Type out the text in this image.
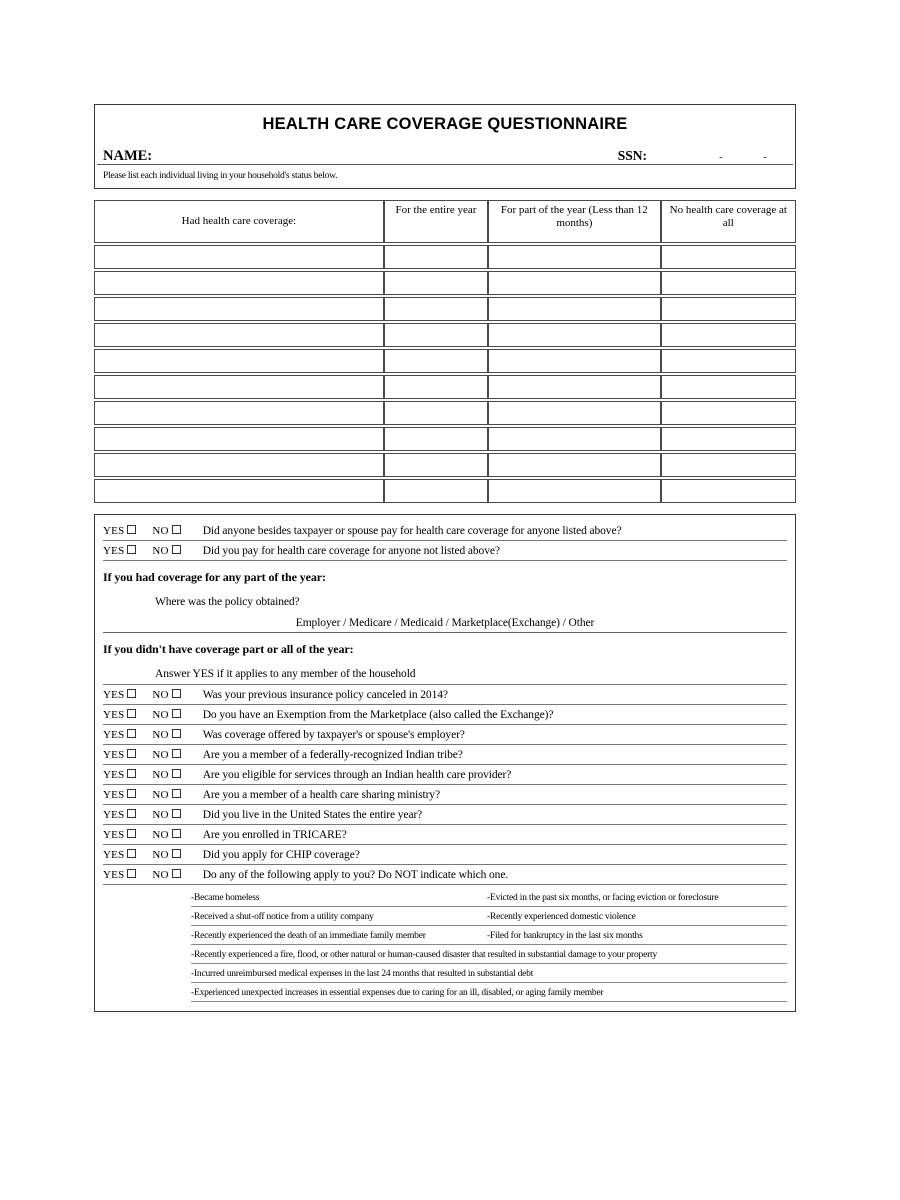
HEALTH CARE COVERAGE QUESTIONNAIRE
NAME:	SSN:	-	-
Please list each individual living in your household's status below.
Had health care coverage:	For the entire year	For part of the year (Less than 12 months)	No health care coverage at all

YES	NO	Did anyone besides taxpayer or spouse pay for health care coverage for anyone listed above?
YES	NO	Did you pay for health care coverage for anyone not listed above?
If you had coverage for any part of the year:
Where was the policy obtained?
Employer / Medicare / Medicaid / Marketplace(Exchange) / Other
If you didn't have coverage part or all of the year:
Answer YES if it applies to any member of the household
YES	NO	Was your previous insurance policy canceled in 2014?
YES	NO	Do you have an Exemption from the Marketplace (also called the Exchange)?
YES	NO	Was coverage offered by taxpayer's or spouse's employer?
YES	NO	Are you a member of a federally-recognized Indian tribe?
YES	NO	Are you eligible for services through an Indian health care provider?
YES	NO	Are you a member of a health care sharing ministry?
YES	NO	Did you live in the United States the entire year?
YES	NO	Are you enrolled in TRICARE?
YES	NO	Did you apply for CHIP coverage?
YES	NO	Do any of the following apply to you? Do NOT indicate which one.
-Became homeless	-Evicted in the past six months, or facing eviction or foreclosure
-Received a shut-off notice from a utility company	-Recently experienced domestic violence
-Recently experienced the death of an immediate family member	-Filed for bankruptcy in the last six months
-Recently experienced a fire, flood, or other natural or human-caused disaster that resulted in substantial damage to your property
-Incurred unreimbursed medical expenses in the last 24 months that resulted in substantial debt
-Experienced unexpected increases in essential expenses due to caring for an ill, disabled, or aging family member
